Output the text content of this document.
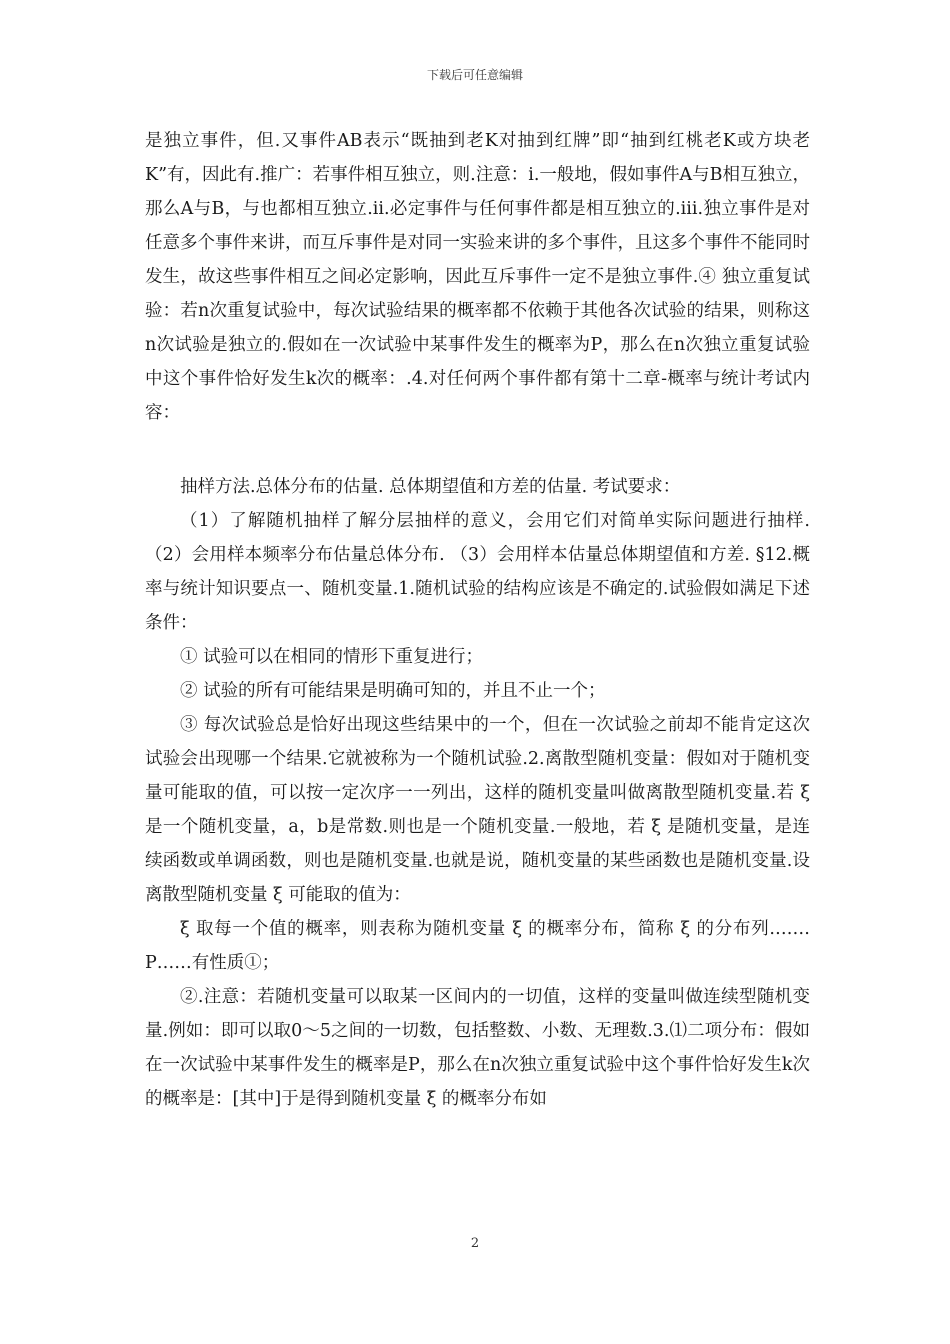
下载后可任意编辑

是独立事件，但.又事件AB表示“既抽到老K对抽到红牌”即“抽到红桃老K或方块老K”有，因此有.推广：若事件相互独立，则.注意：i.一般地，假如事件A与B相互独立，那么A与B，与也都相互独立.ii.必定事件与任何事件都是相互独立的.iii.独立事件是对任意多个事件来讲，而互斥事件是对同一实验来讲的多个事件，且这多个事件不能同时发生，故这些事件相互之间必定影响，因此互斥事件一定不是独立事件.④ 独立重复试验：若n次重复试验中，每次试验结果的概率都不依赖于其他各次试验的结果，则称这n次试验是独立的.假如在一次试验中某事件发生的概率为P，那么在n次独立重复试验中这个事件恰好发生k次的概率：.4.对任何两个事件都有第十二章-概率与统计考试内容：

抽样方法.总体分布的估量. 总体期望值和方差的估量. 考试要求：

（1）了解随机抽样了解分层抽样的意义，会用它们对简单实际问题进行抽样. （2）会用样本频率分布估量总体分布. （3）会用样本估量总体期望值和方差. §12.概率与统计知识要点一、随机变量.1.随机试验的结构应该是不确定的.试验假如满足下述条件：

① 试验可以在相同的情形下重复进行；

② 试验的所有可能结果是明确可知的，并且不止一个；

③ 每次试验总是恰好出现这些结果中的一个，但在一次试验之前却不能肯定这次试验会出现哪一个结果.它就被称为一个随机试验.2.离散型随机变量：假如对于随机变量可能取的值，可以按一定次序一一列出，这样的随机变量叫做离散型随机变量.若 ξ 是一个随机变量，a，b是常数.则也是一个随机变量.一般地，若 ξ 是随机变量，是连续函数或单调函数，则也是随机变量.也就是说，随机变量的某些函数也是随机变量.设离散型随机变量 ξ 可能取的值为：

ξ 取每一个值的概率，则表称为随机变量 ξ 的概率分布，简称 ξ 的分布列.……P……有性质①；

②.注意：若随机变量可以取某一区间内的一切值，这样的变量叫做连续型随机变量.例如：即可以取0～5之间的一切数，包括整数、小数、无理数.3.⑴二项分布：假如在一次试验中某事件发生的概率是P，那么在n次独立重复试验中这个事件恰好发生k次的概率是：[其中]于是得到随机变量 ξ 的概率分布如

2
